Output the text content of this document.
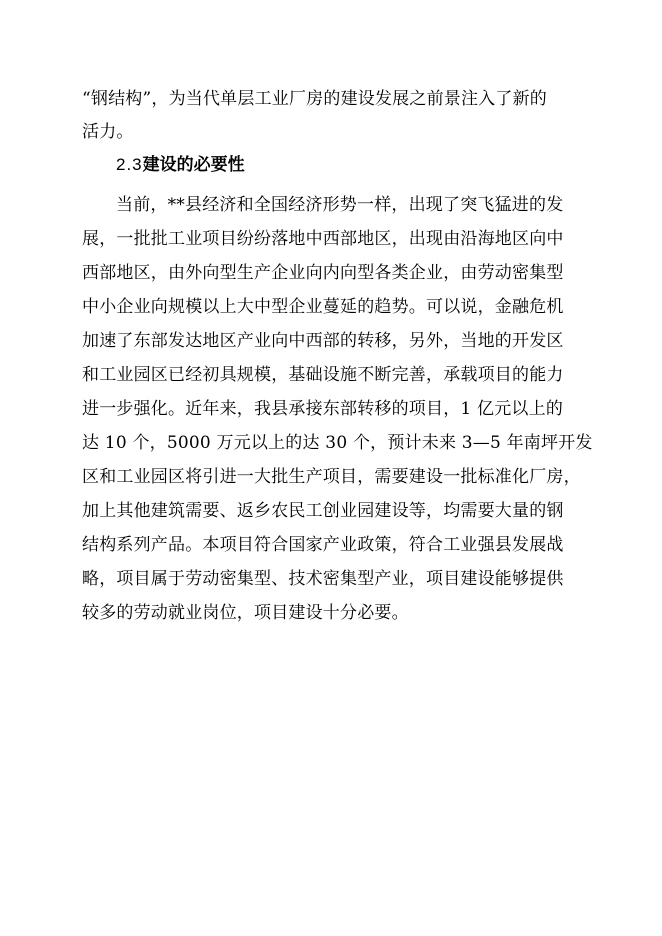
“钢结构”，为当代单层工业厂房的建设发展之前景注入了新的
活力。
2.3建设的必要性
当前，**县经济和全国经济形势一样，出现了突飞猛进的发
展，一批批工业项目纷纷落地中西部地区，出现由沿海地区向中
西部地区，由外向型生产企业向内向型各类企业，由劳动密集型
中小企业向规模以上大中型企业蔓延的趋势。可以说，金融危机
加速了东部发达地区产业向中西部的转移，另外，当地的开发区
和工业园区已经初具规模，基础设施不断完善，承载项目的能力
进一步强化。近年来，我县承接东部转移的项目，1 亿元以上的
达 10 个，5000 万元以上的达 30 个，预计未来 3—5 年南坪开发
区和工业园区将引进一大批生产项目，需要建设一批标准化厂房，
加上其他建筑需要、返乡农民工创业园建设等，均需要大量的钢
结构系列产品。本项目符合国家产业政策，符合工业强县发展战
略，项目属于劳动密集型、技术密集型产业，项目建设能够提供
较多的劳动就业岗位，项目建设十分必要。
